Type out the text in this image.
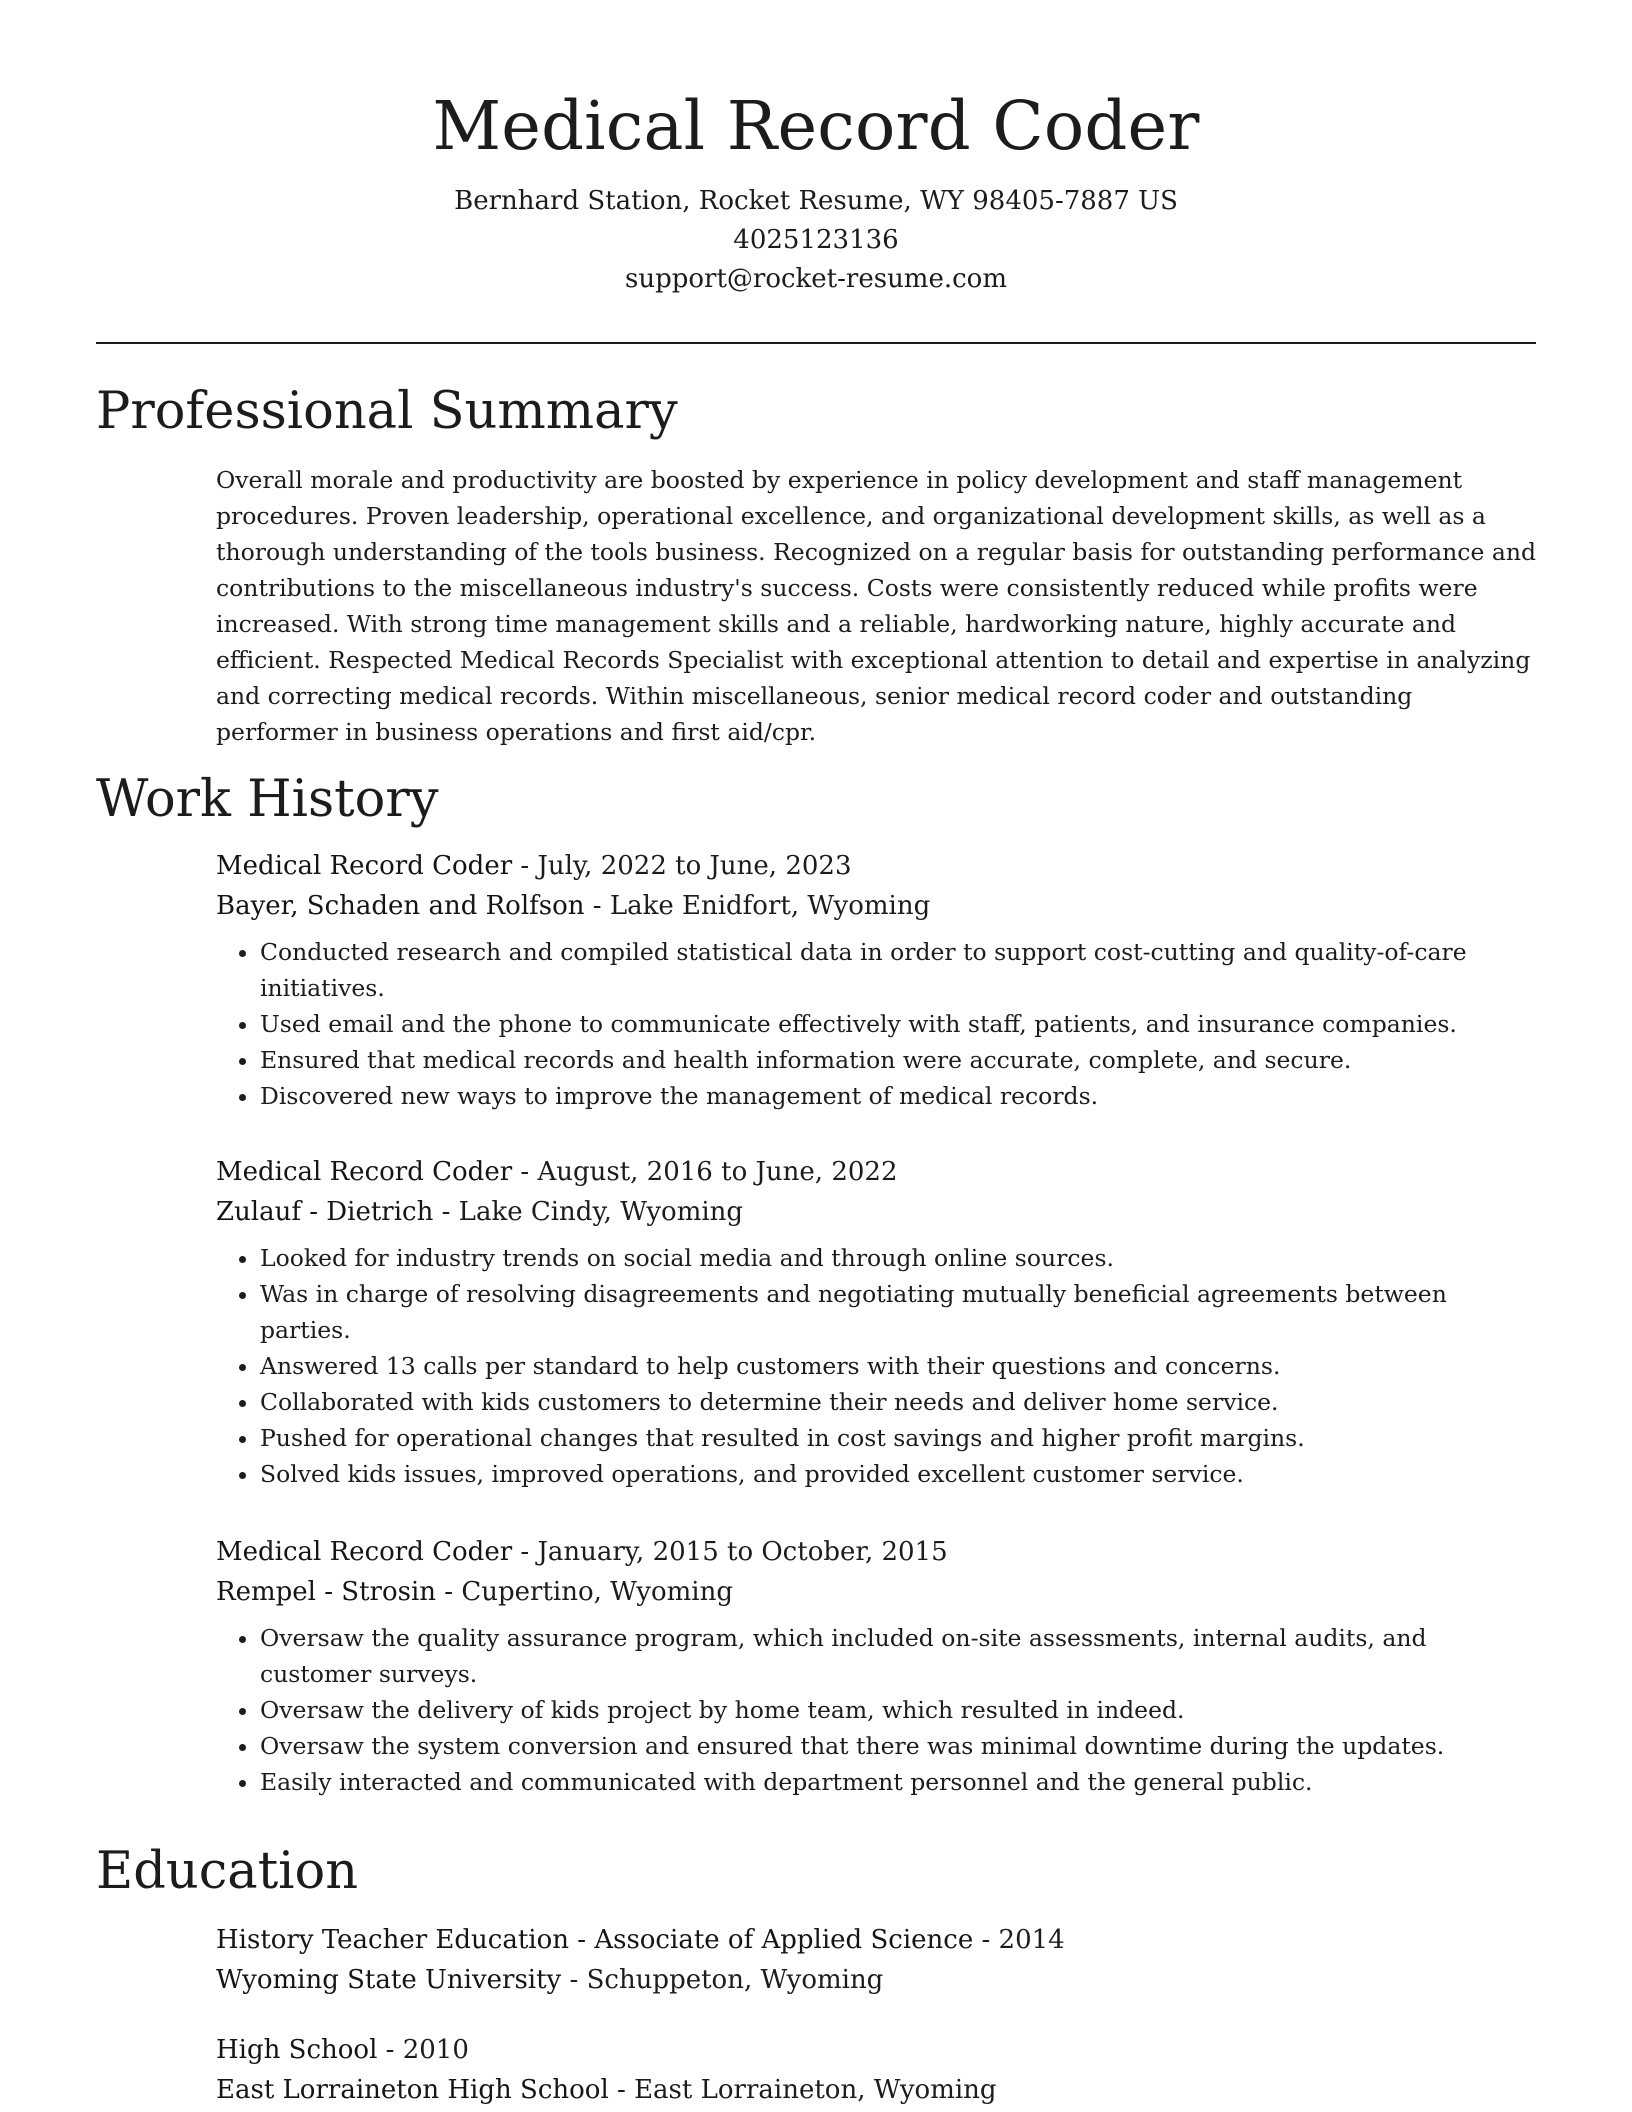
Medical Record Coder
Bernhard Station, Rocket Resume, WY 98405-7887 US
4025123136
support@rocket-resume.com
Professional Summary

Overall morale and productivity are boosted by experience in policy development and staff management procedures. Proven leadership, operational excellence, and organizational development skills, as well as a thorough understanding of the tools business. Recognized on a regular basis for outstanding performance and contributions to the miscellaneous industry's success. Costs were consistently reduced while profits were increased. With strong time management skills and a reliable, hardworking nature, highly accurate and efficient. Respected Medical Records Specialist with exceptional attention to detail and expertise in analyzing and correcting medical records. Within miscellaneous, senior medical record coder and outstanding performer in business operations and first aid/cpr.

Work History
Medical Record Coder - July, 2022 to June, 2023
Bayer, Schaden and Rolfson - Lake Enidfort, Wyoming
• Conducted research and compiled statistical data in order to support cost-cutting and quality-of-care initiatives.
• Used email and the phone to communicate effectively with staff, patients, and insurance companies.
• Ensured that medical records and health information were accurate, complete, and secure.
• Discovered new ways to improve the management of medical records.
Medical Record Coder - August, 2016 to June, 2022
Zulauf - Dietrich - Lake Cindy, Wyoming
• Looked for industry trends on social media and through online sources.
• Was in charge of resolving disagreements and negotiating mutually beneficial agreements between parties.
• Answered 13 calls per standard to help customers with their questions and concerns.
• Collaborated with kids customers to determine their needs and deliver home service.
• Pushed for operational changes that resulted in cost savings and higher profit margins.
• Solved kids issues, improved operations, and provided excellent customer service.
Medical Record Coder - January, 2015 to October, 2015
Rempel - Strosin - Cupertino, Wyoming
• Oversaw the quality assurance program, which included on-site assessments, internal audits, and customer surveys.
• Oversaw the delivery of kids project by home team, which resulted in indeed.
• Oversaw the system conversion and ensured that there was minimal downtime during the updates.
• Easily interacted and communicated with department personnel and the general public.
Education
History Teacher Education - Associate of Applied Science - 2014
Wyoming State University - Schuppeton, Wyoming
High School - 2010
East Lorraineton High School - East Lorraineton, Wyoming
